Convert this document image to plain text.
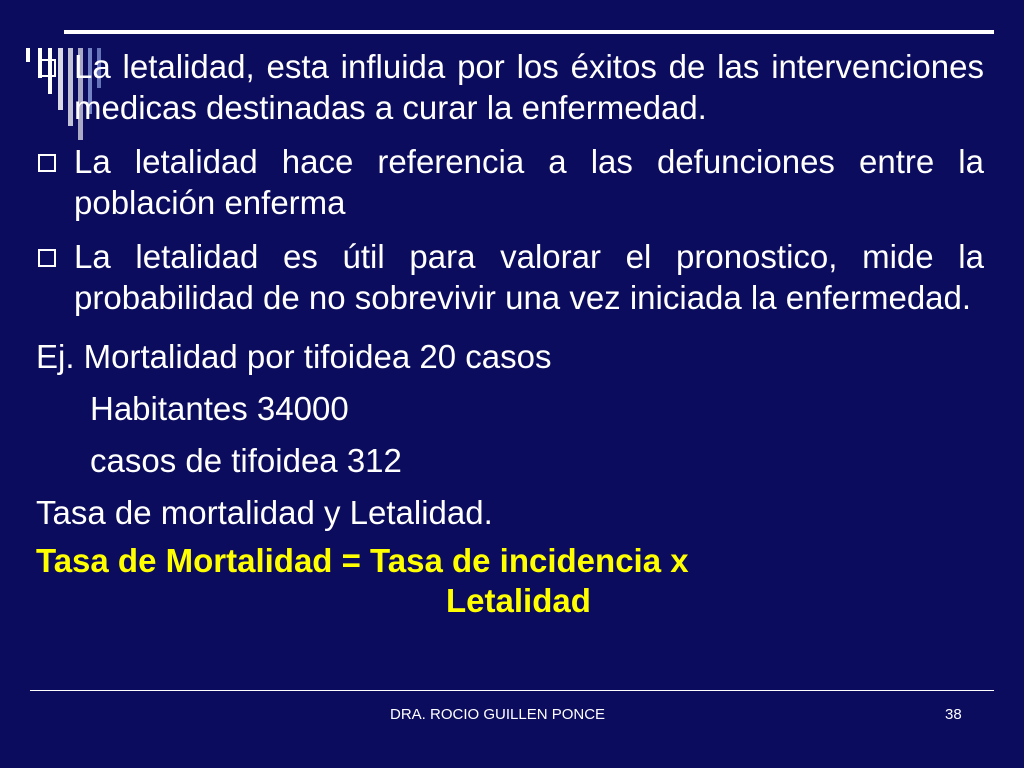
La letalidad, esta influida por los éxitos de las intervenciones medicas destinadas a curar la enfermedad.
La letalidad hace referencia a las defunciones entre la población enferma
La letalidad es útil para valorar el pronostico, mide la probabilidad de no sobrevivir una vez iniciada la enfermedad.

Ej. Mortalidad por tifoidea 20 casos

Habitantes 34000

casos de tifoidea 312

Tasa de mortalidad y Letalidad.

Tasa de Mortalidad = Tasa de incidencia x
Letalidad
DRA. ROCIO GUILLEN PONCE	38
